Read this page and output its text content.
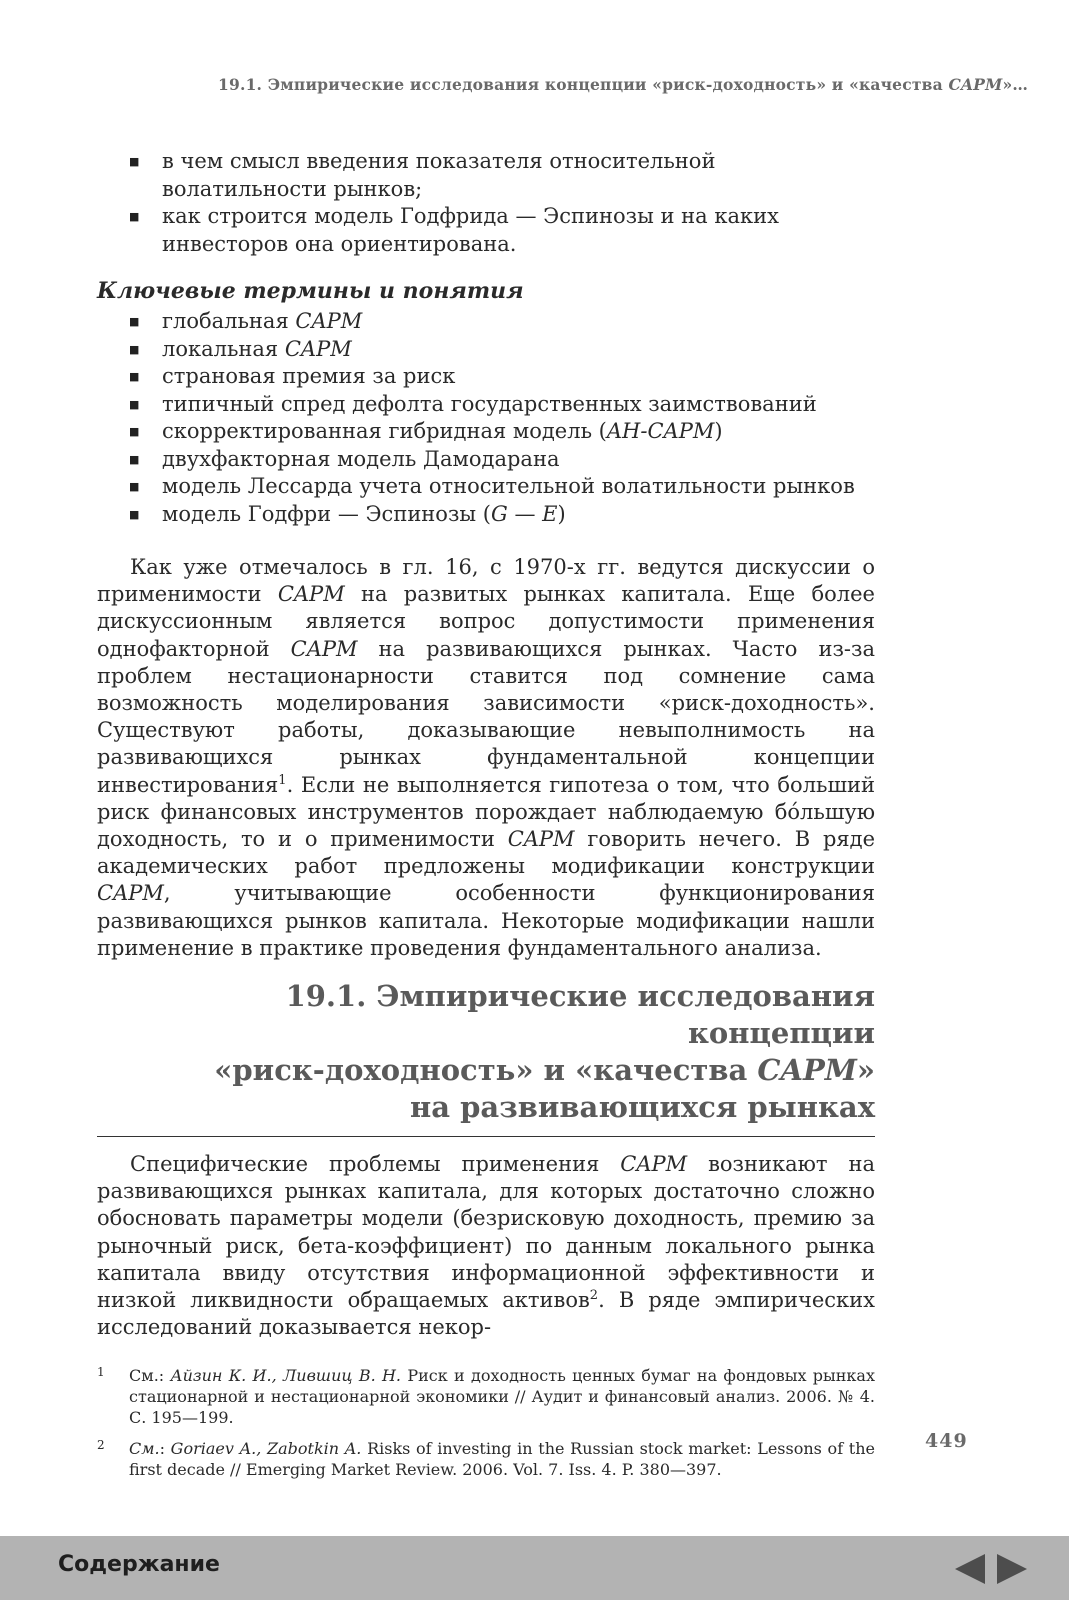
19.1. Эмпирические исследования концепции «риск-доходность» и «качества CAPM»…
■ в чем смысл введения показателя относительной волатильности рынков;
■ как строится модель Годфрида — Эспинозы и на каких инвесторов она ориентирована.
Ключевые термины и понятия
■ глобальная CAPM
■ локальная CAPM
■ страновая премия за риск
■ типичный спред дефолта государственных заимствований
■ скорректированная гибридная модель (AH-CAPM)
■ двухфакторная модель Дамодарана
■ модель Лессарда учета относительной волатильности рынков
■ модель Годфри — Эспинозы (G — E)

Как уже отмечалось в гл. 16, с 1970-х гг. ведутся дискуссии о применимости CAPM на развитых рынках капитала. Еще более дискуссионным является вопрос допустимости применения однофакторной CAPM на развивающихся рынках. Часто из-за проблем нестационарности ставится под сомнение сама возможность моделирования зависимости «риск-доходность». Существуют работы, доказывающие невыполнимость на развивающихся рынках фундаментальной концепции инвестирования$^1$. Если не выполняется гипотеза о том, что больший риск финансовых инструментов порождает наблюдаемую бóльшую доходность, то и о применимости CAPM говорить нечего. В ряде академических работ предложены модификации конструкции CAPM, учитывающие особенности функционирования развивающихся рынков капитала. Некоторые модификации нашли применение в практике проведения фундаментального анализа.

19.1. Эмпирические исследования концепции
«риск-доходность» и «качества CAPM»
на развивающихся рынках

Специфические проблемы применения CAPM возникают на развивающихся рынках капитала, для которых достаточно сложно обосновать параметры модели (безрисковую доходность, премию за рыночный риск, бета-коэффициент) по данным локального рынка капитала ввиду отсутствия информационной эффективности и низкой ликвидности обращаемых активов$^2$. В ряде эмпирических исследований доказывается некор-

1 См.: Айзин К. И., Лившиц В. Н. Риск и доходность ценных бумаг на фондовых рынках стационарной и нестационарной экономики // Аудит и финансовый анализ. 2006. № 4. С. 195—199.
2 См.: Goriaev A., Zabotkin A. Risks of investing in the Russian stock market: Lessons of the first decade // Emerging Market Review. 2006. Vol. 7. Iss. 4. P. 380—397.
449
Содержание
